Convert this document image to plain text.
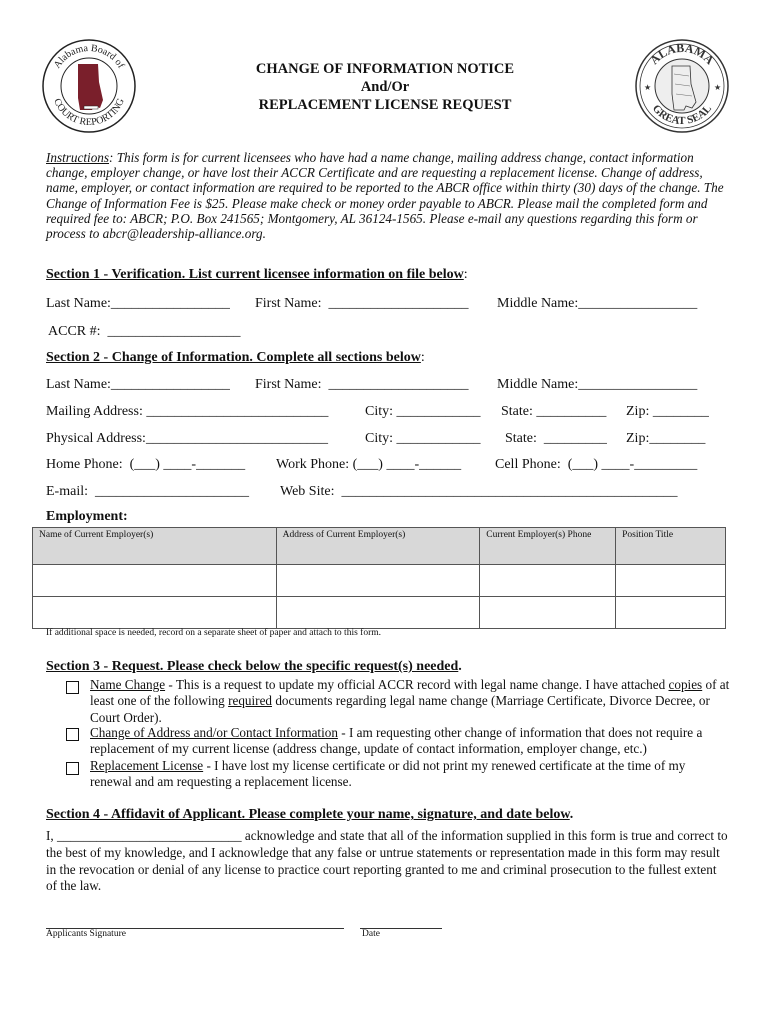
Alabama Board of
COURT REPORTING
ALABAMA
GREAT SEAL
★	★
CHANGE OF INFORMATION NOTICE
And/Or
REPLACEMENT LICENSE REQUEST
Instructions: This form is for current licensees who have had a name change, mailing address change, contact information change, employer change, or have lost their ACCR Certificate and are requesting a replacement license. Change of address, name, employer, or contact information are required to be reported to the ABCR office within thirty (30) days of the change. The Change of Information Fee is $25. Please make check or money order payable to ABCR. Please mail the completed form and required fee to: ABCR; P.O. Box 241565; Montgomery, AL 36124-1565. Please e-mail any questions regarding this form or process to abcr@leadership-alliance.org.
Section 1 - Verification. List current licensee information on file below:
Last Name:_________________ First Name:  ____________________ Middle Name:_________________
ACCR #:  ___________________
Section 2 - Change of Information. Complete all sections below:
Last Name:_________________ First Name:  ____________________ Middle Name:_________________
Mailing Address: __________________________	City: ____________ State: __________ Zip: ________
Physical Address:__________________________	City: ____________ State:  _________ Zip:________
Home Phone:  (___) ____-_______ Work Phone: (___) ____-______ Cell Phone:  (___) ____-_________
E-mail:  ______________________ Web Site:  ________________________________________________
Employment:
Name of Current Employer(s)	Address of Current Employer(s)	Current Employer(s) Phone	Position Title

If additional space is needed, record on a separate sheet of paper and attach to this form.
Section 3 - Request. Please check below the specific request(s) needed.
Name Change - This is a request to update my official ACCR record with legal name change. I have attached copies of at least one of the following required documents regarding legal name change (Marriage Certificate, Divorce Decree, or Court Order).
Change of Address and/or Contact Information - I am requesting other change of information that does not require a replacement of my current license (address change, update of contact information, employer change, etc.)
Replacement License - I have lost my license certificate or did not print my renewed certificate at the time of my renewal and am requesting a replacement license.
Section 4 - Affidavit of Applicant. Please complete your name, signature, and date below.
I, ____________________________ acknowledge and state that all of the information supplied in this form is true and correct to the best of my knowledge, and I acknowledge that any false or untrue statements or representation made in this form may result in the revocation or denial of any license to practice court reporting granted to me and criminal prosecution to the fullest extent of the law.
Applicants Signature	Date
